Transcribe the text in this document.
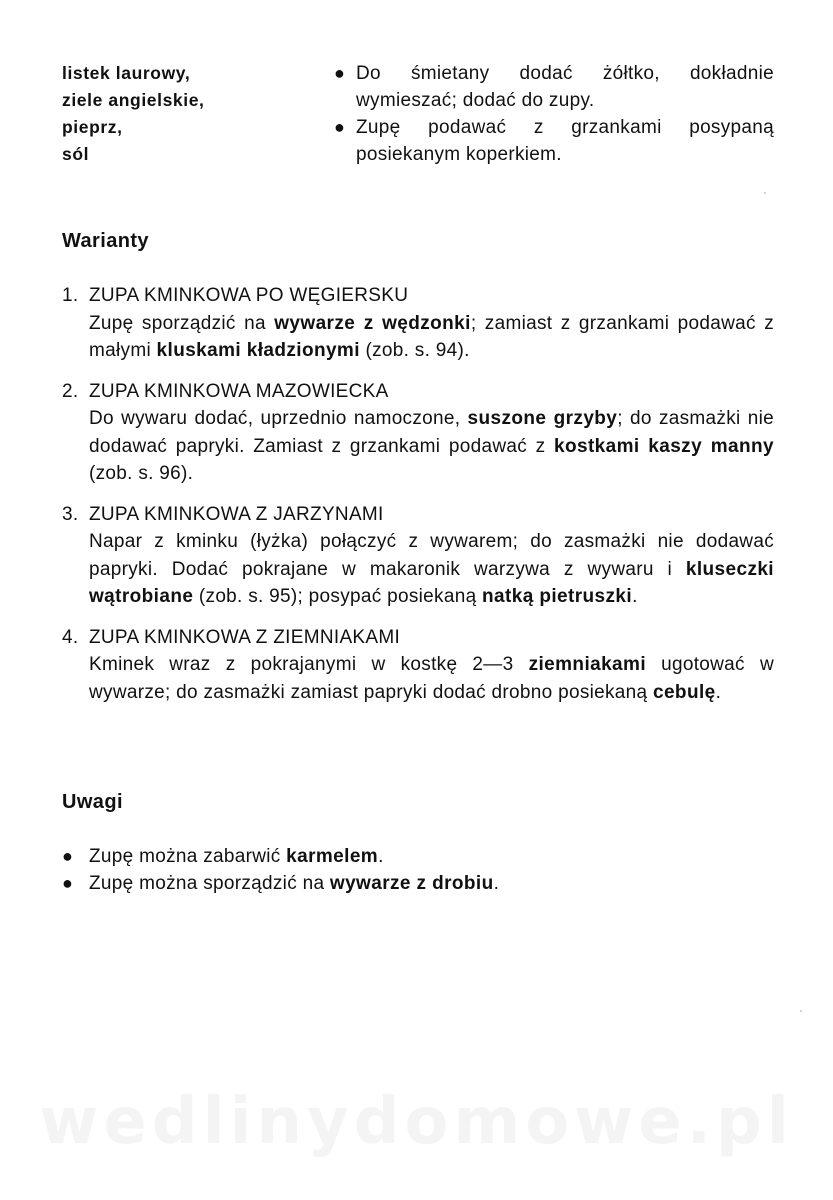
listek laurowy,
ziele angielskie,
pieprz,
sól
● Do śmietany dodać żółtko, dokładnie wymieszać; dodać do zupy.
● Zupę podawać z grzankami posypaną posiekanym koperkiem.
Warianty
1. ZUPA KMINKOWA PO WĘGIERSKU
Zupę sporządzić na wywarze z wędzonki; zamiast z grzankami podawać z małymi kluskami kładzionymi (zob. s. 94).
2. ZUPA KMINKOWA MAZOWIECKA
Do wywaru dodać, uprzednio namoczone, suszone grzyby; do zasmażki nie dodawać papryki. Zamiast z grzankami podawać z kostkami kaszy manny (zob. s. 96).
3. ZUPA KMINKOWA Z JARZYNAMI
Napar z kminku (łyżka) połączyć z wywarem; do zasmażki nie dodawać papryki. Dodać pokrajane w makaronik warzywa z wywaru i kluseczki wątrobiane (zob. s. 95); posypać posiekaną natką pietruszki.
4. ZUPA KMINKOWA Z ZIEMNIAKAMI
Kminek wraz z pokrajanymi w kostkę 2—3 ziemniakami ugotować w wywarze; do zasmażki zamiast papryki dodać drobno posiekaną cebulę.
Uwagi
● Zupę można zabarwić karmelem.
● Zupę można sporządzić na wywarze z drobiu.
wedlinydomowe.pl
